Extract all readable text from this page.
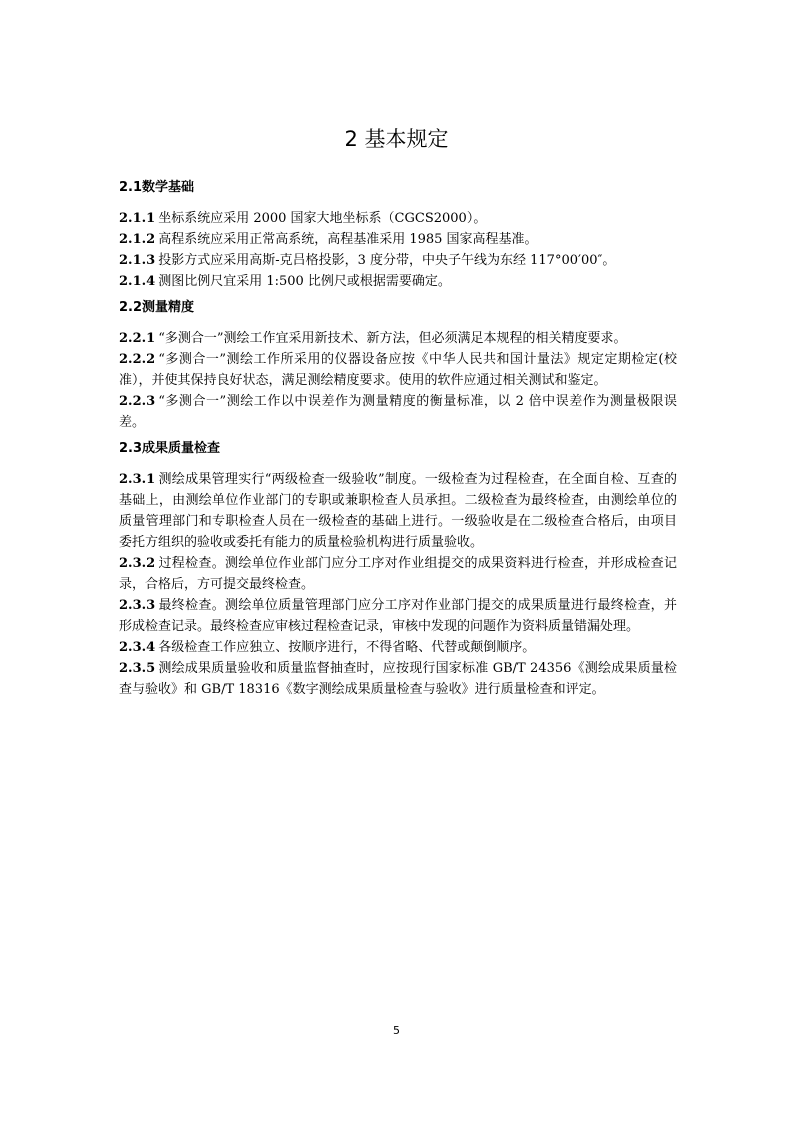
2 基本规定
2.1数学基础

2.1.1 坐标系统应采用 2000 国家大地坐标系（CGCS2000）。

2.1.2 高程系统应采用正常高系统，高程基准采用 1985 国家高程基准。

2.1.3 投影方式应采用高斯-克吕格投影，3 度分带，中央子午线为东经 117°00′00″。

2.1.4 测图比例尺宜采用 1:500 比例尺或根据需要确定。

2.2测量精度

2.2.1 “多测合一”测绘工作宜采用新技术、新方法，但必须满足本规程的相关精度要求。

2.2.2 “多测合一”测绘工作所采用的仪器设备应按《中华人民共和国计量法》规定定期检定(校准），并使其保持良好状态，满足测绘精度要求。使用的软件应通过相关测试和鉴定。

2.2.3 “多测合一”测绘工作以中误差作为测量精度的衡量标准，以 2 倍中误差作为测量极限误差。

2.3成果质量检查

2.3.1 测绘成果管理实行“两级检查一级验收”制度。一级检查为过程检查，在全面自检、互查的基础上，由测绘单位作业部门的专职或兼职检查人员承担。二级检查为最终检查，由测绘单位的质量管理部门和专职检查人员在一级检查的基础上进行。一级验收是在二级检查合格后，由项目委托方组织的验收或委托有能力的质量检验机构进行质量验收。

2.3.2 过程检查。测绘单位作业部门应分工序对作业组提交的成果资料进行检查，并形成检查记录，合格后，方可提交最终检查。

2.3.3 最终检查。测绘单位质量管理部门应分工序对作业部门提交的成果质量进行最终检查，并形成检查记录。最终检查应审核过程检查记录，审核中发现的问题作为资料质量错漏处理。

2.3.4 各级检查工作应独立、按顺序进行，不得省略、代替或颠倒顺序。

2.3.5 测绘成果质量验收和质量监督抽查时，应按现行国家标准 GB/T 24356《测绘成果质量检查与验收》和 GB/T 18316《数字测绘成果质量检查与验收》进行质量检查和评定。

5
